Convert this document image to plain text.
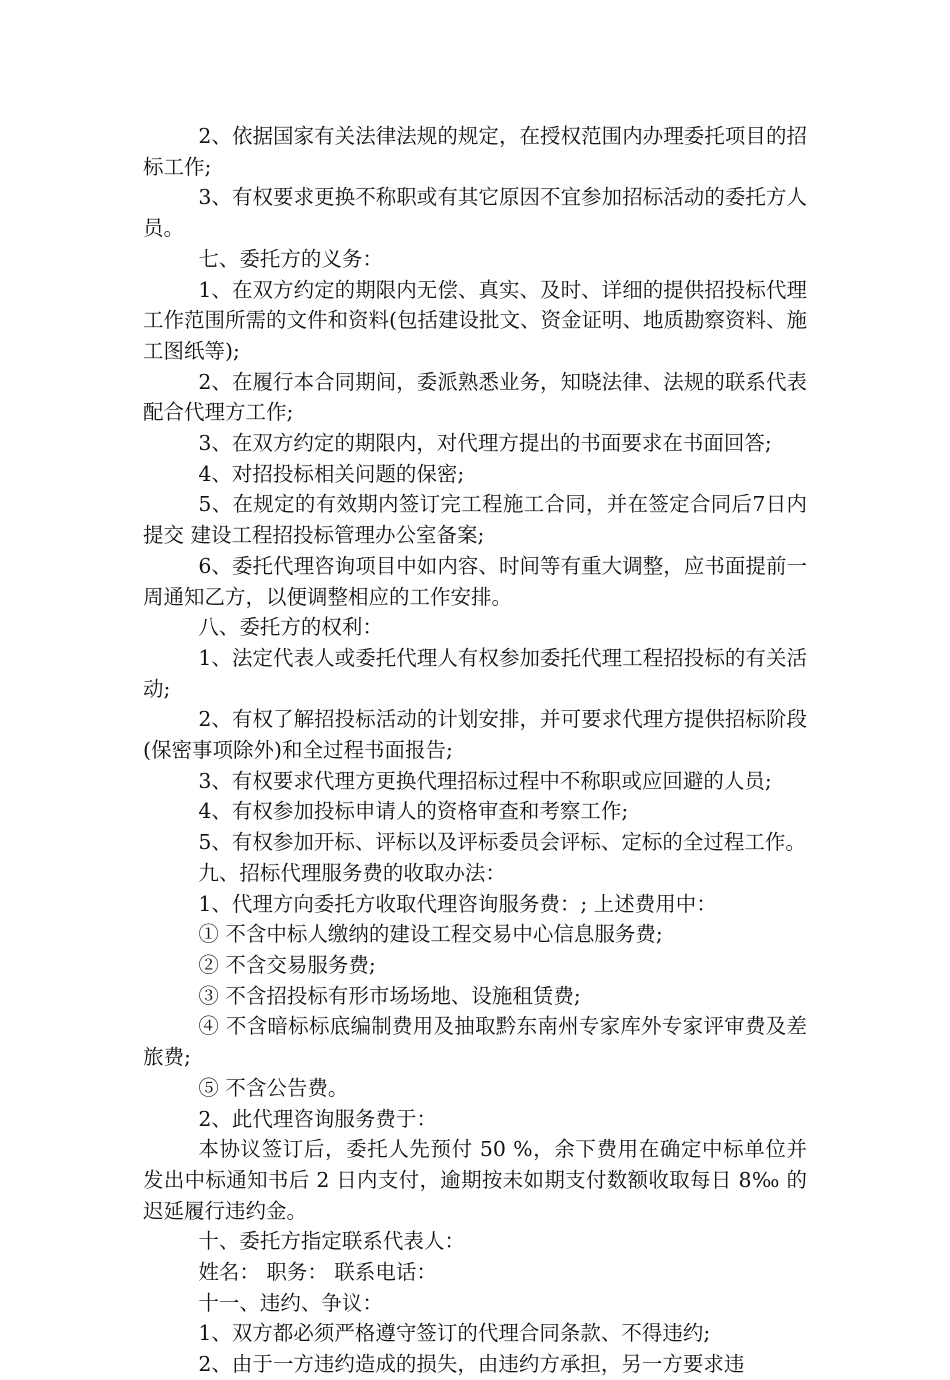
2、依据国家有关法律法规的规定，在授权范围内办理委托项目的招标工作;

3、有权要求更换不称职或有其它原因不宜参加招标活动的委托方人员。

七、委托方的义务：

1、在双方约定的期限内无偿、真实、及时、详细的提供招投标代理工作范围所需的文件和资料(包括建设批文、资金证明、地质勘察资料、施工图纸等);

2、在履行本合同期间，委派熟悉业务，知晓法律、法规的联系代表配合代理方工作;

3、在双方约定的期限内，对代理方提出的书面要求在书面回答;

4、对招投标相关问题的保密;

5、在规定的有效期内签订完工程施工合同，并在签定合同后7日内提交 建设工程招投标管理办公室备案;

6、委托代理咨询项目中如内容、时间等有重大调整，应书面提前一周通知乙方，以便调整相应的工作安排。

八、委托方的权利：

1、法定代表人或委托代理人有权参加委托代理工程招投标的有关活动;

2、有权了解招投标活动的计划安排，并可要求代理方提供招标阶段(保密事项除外)和全过程书面报告;

3、有权要求代理方更换代理招标过程中不称职或应回避的人员;

4、有权参加投标申请人的资格审查和考察工作;

5、有权参加开标、评标以及评标委员会评标、定标的全过程工作。

九、招标代理服务费的收取办法：

1、代理方向委托方收取代理咨询服务费：; 上述费用中：

① 不含中标人缴纳的建设工程交易中心信息服务费;

② 不含交易服务费;

③ 不含招投标有形市场场地、设施租赁费;

④ 不含暗标标底编制费用及抽取黔东南州专家库外专家评审费及差旅费;

⑤ 不含公告费。

2、此代理咨询服务费于：

本协议签订后，委托人先预付 50 %，余下费用在确定中标单位并发出中标通知书后 2 日内支付，逾期按未如期支付数额收取每日 8‰ 的迟延履行违约金。

十、委托方指定联系代表人：

姓名： 职务： 联系电话：

十一、违约、争议：

1、双方都必须严格遵守签订的代理合同条款、不得违约;

2、由于一方违约造成的损失，由违约方承担，另一方要求违
